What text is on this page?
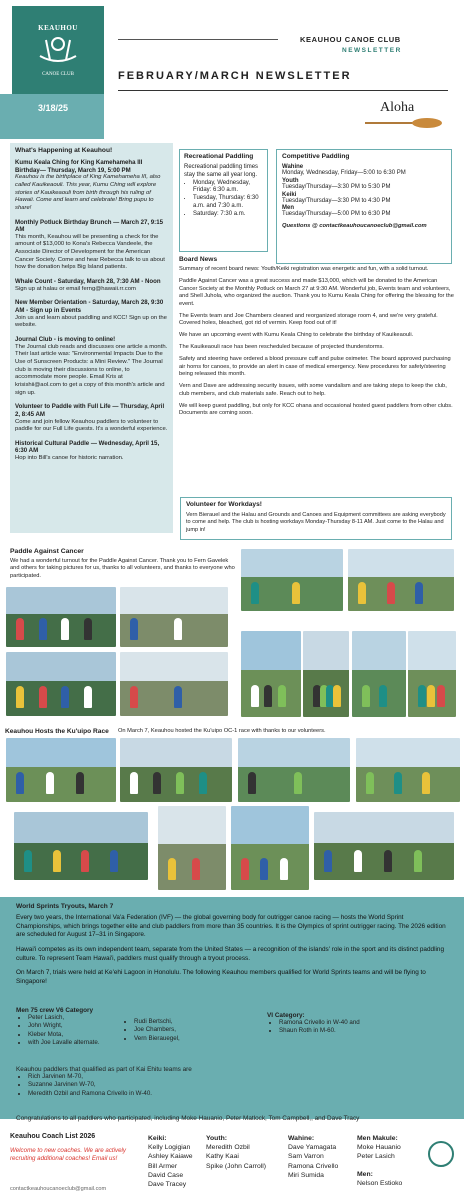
KEAUHOU
CANOE CLUB
3/18/25
KEAUHOU CANOE CLUB
NEWSLETTER
FEBRUARY/MARCH NEWSLETTER
Aloha
What's Happening at Keauhou!
Kumu Keala Ching for King Kamehameha III Birthday— Thursday, March 19, 5:00 PM
Keauhou is the birthplace of King Kamehameha III, also called Kauikeaouli. This year, Kumu Ching will explore stories of Kauikeaouli from birth through his ruling of Hawaii. Come and learn and celebrate! Bring pupu to share!
Monthly Potluck Birthday Brunch — March 27, 9:15 AM
This month, Keauhou will be presenting a check for the amount of $13,000 to Kona's Rebecca Vandeele, the Associate Director of Development for the American Cancer Society. Come and hear Rebecca talk to us about how the donation helps Big Island patients.
Whale Count - Saturday, March 28, 7:30 AM - Noon
Sign up at halau or email ferng@hawaii.rr.com
New Member Orientation - Saturday, March 28, 9:30 AM - Sign up in Events
Join us and learn about paddling and KCC! Sign up on the website.
Journal Club - is moving to online!
The Journal club reads and discusses one article a month. Their last article was: "Environmental Impacts Due to the Use of Sunscreen Products: a Mini Review." The Journal club is moving their discussions to online, to accommodate more people. Email Kris at krisishii@aol.com to get a copy of this month's article and sign up.
Volunteer to Paddle with Full Life — Thursday, April 2, 8:45 AM
Come and join fellow Keauhou paddlers to volunteer to paddle for our Full Life guests. It's a wonderful experience.
Historical Cultural Paddle — Wednesday, April 15, 6:30 AM
Hop into Bill's canoe for historic narration.
Recreational Paddling
Recreational paddling times stay the same all year long.
• Monday, Wednesday, Friday: 6:30 a.m.
• Tuesday, Thursday: 6:30 a.m. and 7:30 a.m.
• Saturday: 7:30 a.m.
Competitive Paddling
Wahine
Monday, Wednesday, Friday—5:00 to 6:30 PM
Youth
Tuesday/Thursday—3:30 PM to 5:30 PM
Keiki
Tuesday/Thursday—3:30 PM to 4:30 PM
Men
Tuesday/Thursday—5:00 PM to 6:30 PM
Questions @ contactkeauhoucanoeclub@gmail.com
Board News

Summary of recent board news: Youth/Keiki registration was energetic and fun, with a solid turnout.

Paddle Against Cancer was a great success and made $13,000, which will be donated to the American Cancer Society at the Monthly Potluck on March 27 at 9:30 AM. Wonderful job, Events team and volunteers, and Shell Juhola, who organized the auction. Thank you to Kumu Keala Ching for offering the blessing for the event.

The Events team and Joe Chambers cleaned and reorganized storage room 4, and we're very grateful. Covered holes, bleached, got rid of vermin. Keep food out of it!

We have an upcoming event with Kumu Keala Ching to celebrate the birthday of Kauikeaouli.

The Kauikeaouli race has been rescheduled because of projected thunderstorms.

Safety and steering have ordered a blood pressure cuff and pulse oximeter. The board approved purchasing air horns for canoes, to provide an alert in case of medical emergency. New procedures for safety/steering being released this month.

Vern and Dave are addressing security issues, with some vandalism and are taking steps to keep the club, club members, and club materials safe. Reach out to help.

We will keep guest paddling, but only for KCC ohana and occasional hosted guest paddlers from other clubs. Documents are coming soon.

Volunteer for Workdays!

Vern Bierauel and the Halau and Grounds and Canoes and Equipment committees are asking everybody to come and help. The club is hosting workdays Monday-Thursday 8-11 AM. Just come to the Halau and jump in!

Paddle Against Cancer
We had a wonderful turnout for the Paddle Against Cancer. Thank you to Fern Gavelek and others for taking pictures for us, thanks to all volunteers, and thanks to everyone who participated.
Keauhou Hosts the Ku'uipo Race On March 7, Keauhou hosted the Ku'uipo OC-1 race with thanks to our volunteers.
World Sprints Tryouts, March 7

Every two years, the International Va'a Federation (IVF) — the global governing body for outrigger canoe racing — hosts the World Sprint Championships, which brings together elite and club paddlers from more than 35 countries. It is the Olympics of sprint outrigger racing. The 2026 edition are scheduled for August 17–31 in Singapore.

Hawai'i competes as its own independent team, separate from the United States — a recognition of the islands' role in the sport and its distinct paddling culture. To represent Team Hawai'i, paddlers must qualify through a tryout process.

On March 7, trials were held at Ke'ehi Lagoon in Honolulu. The following Keauhou members qualified for World Sprints teams and will be flying to Singapore!

Men 75 crew V6 Category
• Peter Lasich,
• John Wright,
• Kleber Mota,
• with Joe Lavalle alternate.
• Rudi Bertschi,
• Joe Chambers,
• Vern Bierauegel,
VI Category:
• Ramona Crivello in W-40 and
• Shaun Roth in M-60.
Keauhou paddlers that qualified as part of Kai Ehitu teams are
• Rich Jarvinen M-70,
• Suzanne Jarvinen W-70,
• Meredith Ozbil and Ramona Crivello in W-40.
Congratulations to all paddlers who participated, including Moke Hauanio, Peter Matlock, Tom Campbell,, and Dave Tracy
Keauhou Coach List 2026
Welcome to new coaches. We are actively recruiting additional coaches! Email us!
contactkeauhoucanoeclub@gmail.com
Keiki:
Kelly Logigian
Ashley Kaiawe
Bill Armer
David Case
Dave Tracey
Youth:
Meredith Ozbil
Kathy Kaai
Spike (John Carroll)
Wahine:
Dave Yamagata
Sam Varron
Ramona Crivello
Miri Sumida
Men Makule:
Moke Hauanio
Peter Lasich
Men:
Nelson Estioko
